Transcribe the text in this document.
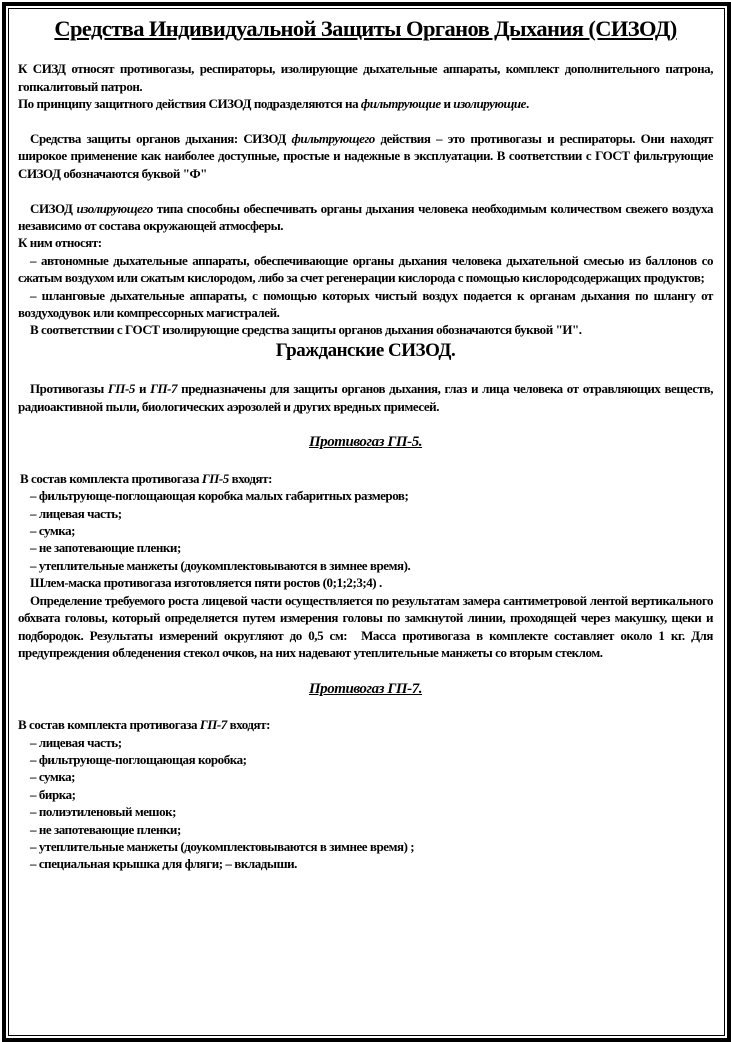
Средства Индивидуальной Защиты Органов Дыхания (СИЗОД)

К СИЗД относят противогазы, респираторы, изолирующие дыхательные аппараты, комплект дополнительного патрона, гопкалитовый патрон.

По принципу защитного действия СИЗОД подразделяются на фильтрующие и изолирующие.

Средства защиты органов дыхания: СИЗОД фильтрующего действия – это противогазы и респираторы. Они находят широкое применение как наиболее доступные, простые и надежные в эксплуатации. В соответствии с ГОСТ фильтрующие СИЗОД обозначаются буквой "Ф"

СИЗОД изолирующего типа способны обеспечивать органы дыхания человека необходимым количеством свежего воздуха независимо от состава окружающей атмосферы.

К ним относят:

– автономные дыхательные аппараты, обеспечивающие органы дыхания человека дыхательной смесью из баллонов со сжатым воздухом или сжатым кислородом, либо за счет регенерации кислорода с помощью кислородсодержащих продуктов;

– шланговые дыхательные аппараты, с помощью которых чистый воздух подается к органам дыхания по шлангу от воздуходувок или компрессорных магистралей.

В соответствии с ГОСТ изолирующие средства защиты органов дыхания обозначаются буквой "И".

Гражданские СИЗОД.

Противогазы ГП-5 и ГП-7 предназначены для защиты органов дыхания, глаз и лица человека от отравляющих веществ, радиоактивной пыли, биологических аэрозолей и других вредных примесей.

Противогаз ГП-5.

В состав комплекта противогаза ГП-5 входят:

– фильтрующе-поглощающая коробка малых габаритных размеров;
– лицевая часть;
– сумка;
– не запотевающие пленки;
– утеплительные манжеты (доукомплектовываются в зимнее время).

Шлем-маска противогаза изготовляется пяти ростов (0;1;2;3;4) .

Определение требуемого роста лицевой части осуществляется по результатам замера сантиметровой лентой вертикального обхвата головы, который определяется путем измерения головы по замкнутой линии, проходящей через макушку, щеки и подбородок. Результаты измерений округляют до 0,5 см: Масса противогаза в комплекте составляет около 1 кг. Для предупреждения обледенения стекол очков, на них надевают утеплительные манжеты со вторым стеклом.

Противогаз ГП-7.

В состав комплекта противогаза ГП-7 входят:

– лицевая часть;
– фильтрующе-поглощающая коробка;
– сумка;
– бирка;
– полиэтиленовый мешок;
– не запотевающие пленки;
– утеплительные манжеты (доукомплектовываются в зимнее время) ;
– специальная крышка для фляги; – вкладыши.
